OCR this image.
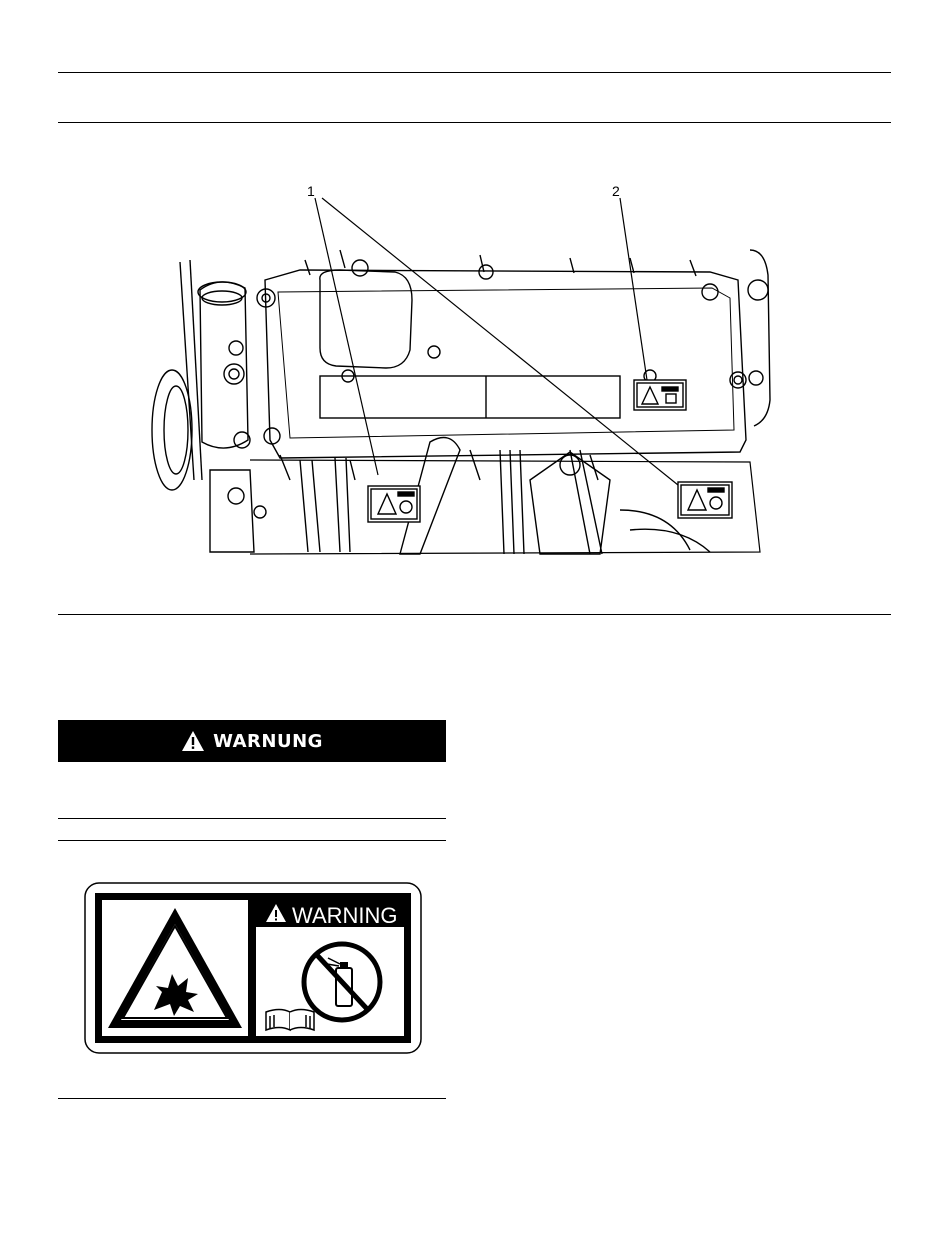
1	2
WARNUNG
WARNING
